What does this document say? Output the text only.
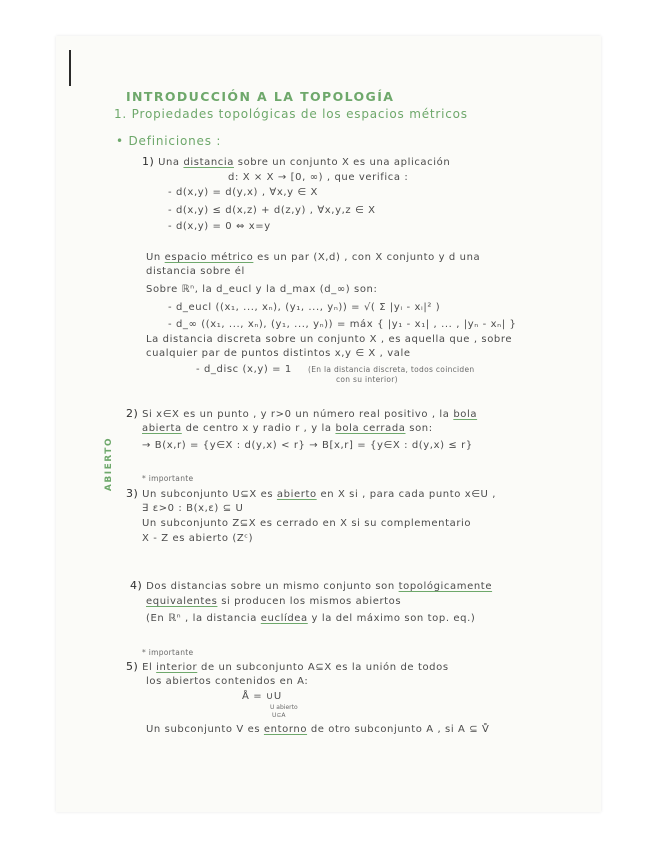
INTRODUCCIÓN A LA TOPOLOGÍA
1. Propiedades topológicas de los espacios métricos
• Definiciones :
1) Una distancia sobre un conjunto X es una aplicación
d: X × X → [0, ∞) , que verifica :
- d(x,y) = d(y,x) , ∀x,y ∈ X
- d(x,y) ≤ d(x,z) + d(z,y) , ∀x,y,z ∈ X
- d(x,y) = 0 ⇔ x=y
Un espacio métrico es un par (X,d) , con X conjunto y d una
distancia sobre él
Sobre ℝⁿ, la d_eucl y la d_max (d_∞) son:
- d_eucl ((x₁, ..., xₙ), (y₁, ..., yₙ)) = √( Σ |yᵢ - xᵢ|² )
- d_∞ ((x₁, ..., xₙ), (y₁, ..., yₙ)) = máx { |y₁ - x₁| , ... , |yₙ - xₙ| }
La distancia discreta sobre un conjunto X , es aquella que , sobre
cualquier par de puntos distintos x,y ∈ X , vale
- d_disc (x,y) = 1 (En la distancia discreta, todos coinciden
con su interior)
2) Si x∈X es un punto , y r>0 un número real positivo , la bola
abierta de centro x y radio r , y la bola cerrada son:
→ B(x,r) = {y∈X : d(y,x) < r} → B[x,r] = {y∈X : d(y,x) ≤ r}
ABIERTO	* importante
3) Un subconjunto U⊆X es abierto en X si , para cada punto x∈U ,
∃ ε>0 : B(x,ε) ⊆ U
Un subconjunto Z⊆X es cerrado en X si su complementario
X - Z es abierto (Zᶜ)
4) Dos distancias sobre un mismo conjunto son topológicamente
equivalentes si producen los mismos abiertos
(En ℝⁿ , la distancia euclídea y la del máximo son top. eq.)
* importante
5) El interior de un subconjunto A⊆X es la unión de todos
los abiertos contenidos en A:
Å = ∪U
U abierto
U⊆A
Un subconjunto V es entorno de otro subconjunto A , si A ⊆ V̊
